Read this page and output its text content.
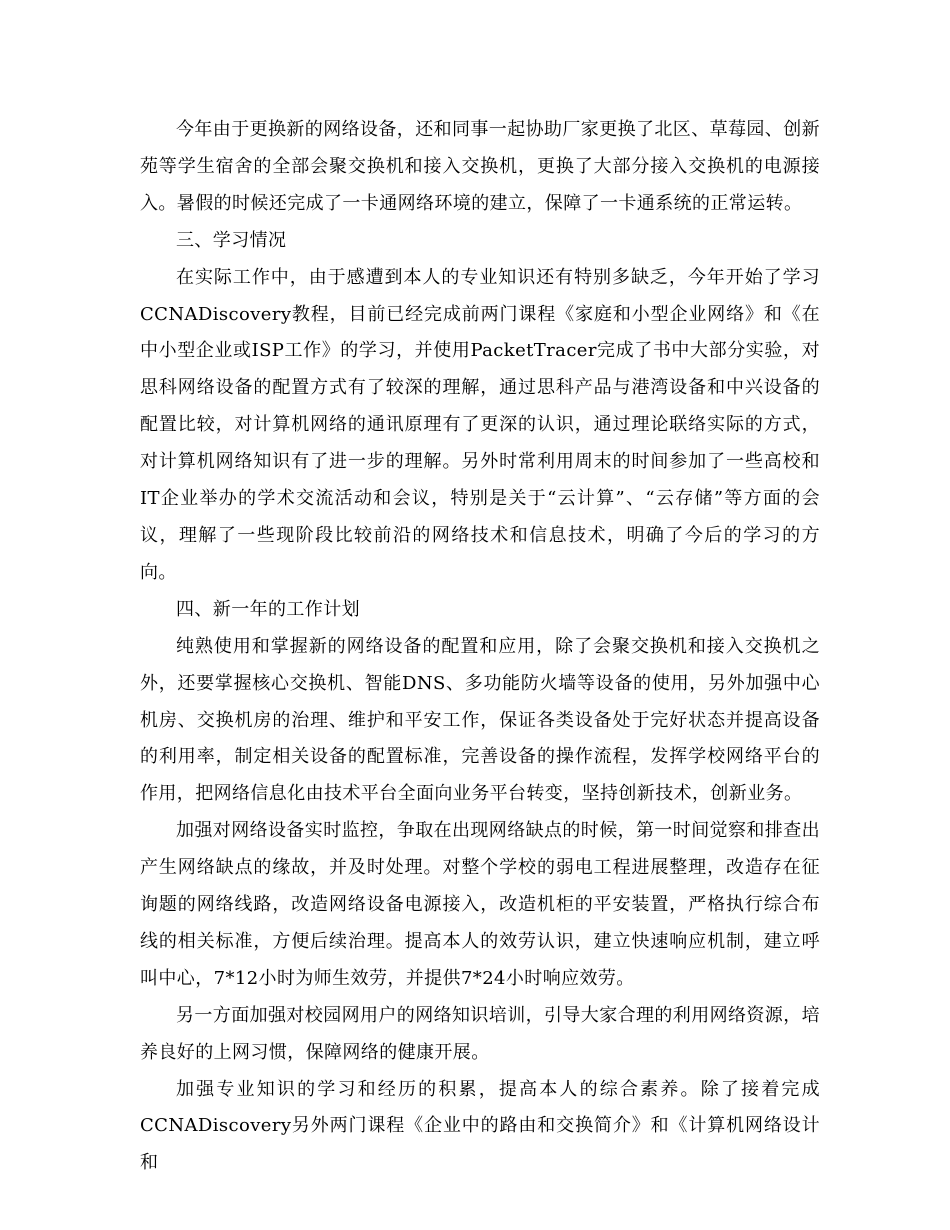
今年由于更换新的网络设备，还和同事一起协助厂家更换了北区、草莓园、创新苑等学生宿舍的全部会聚交换机和接入交换机，更换了大部分接入交换机的电源接入。暑假的时候还完成了一卡通网络环境的建立，保障了一卡通系统的正常运转。

三、学习情况

在实际工作中，由于感遭到本人的专业知识还有特别多缺乏，今年开始了学习CCNADiscovery教程，目前已经完成前两门课程《家庭和小型企业网络》和《在中小型企业或ISP工作》的学习，并使用PacketTracer完成了书中大部分实验，对思科网络设备的配置方式有了较深的理解，通过思科产品与港湾设备和中兴设备的配置比较，对计算机网络的通讯原理有了更深的认识，通过理论联络实际的方式，对计算机网络知识有了进一步的理解。另外时常利用周末的时间参加了一些高校和IT企业举办的学术交流活动和会议，特别是关于“云计算”、“云存储”等方面的会议，理解了一些现阶段比较前沿的网络技术和信息技术，明确了今后的学习的方向。

四、新一年的工作计划

纯熟使用和掌握新的网络设备的配置和应用，除了会聚交换机和接入交换机之外，还要掌握核心交换机、智能DNS、多功能防火墙等设备的使用，另外加强中心机房、交换机房的治理、维护和平安工作，保证各类设备处于完好状态并提高设备的利用率，制定相关设备的配置标准，完善设备的操作流程，发挥学校网络平台的作用，把网络信息化由技术平台全面向业务平台转变，坚持创新技术，创新业务。

加强对网络设备实时监控，争取在出现网络缺点的时候，第一时间觉察和排查出产生网络缺点的缘故，并及时处理。对整个学校的弱电工程进展整理，改造存在征询题的网络线路，改造网络设备电源接入，改造机柜的平安装置，严格执行综合布线的相关标准，方便后续治理。提高本人的效劳认识，建立快速响应机制，建立呼叫中心，7*12小时为师生效劳，并提供7*24小时响应效劳。

另一方面加强对校园网用户的网络知识培训，引导大家合理的利用网络资源，培养良好的上网习惯，保障网络的健康开展。

加强专业知识的学习和经历的积累，提高本人的综合素养。除了接着完成CCNADiscovery另外两门课程《企业中的路由和交换简介》和《计算机网络设计和
